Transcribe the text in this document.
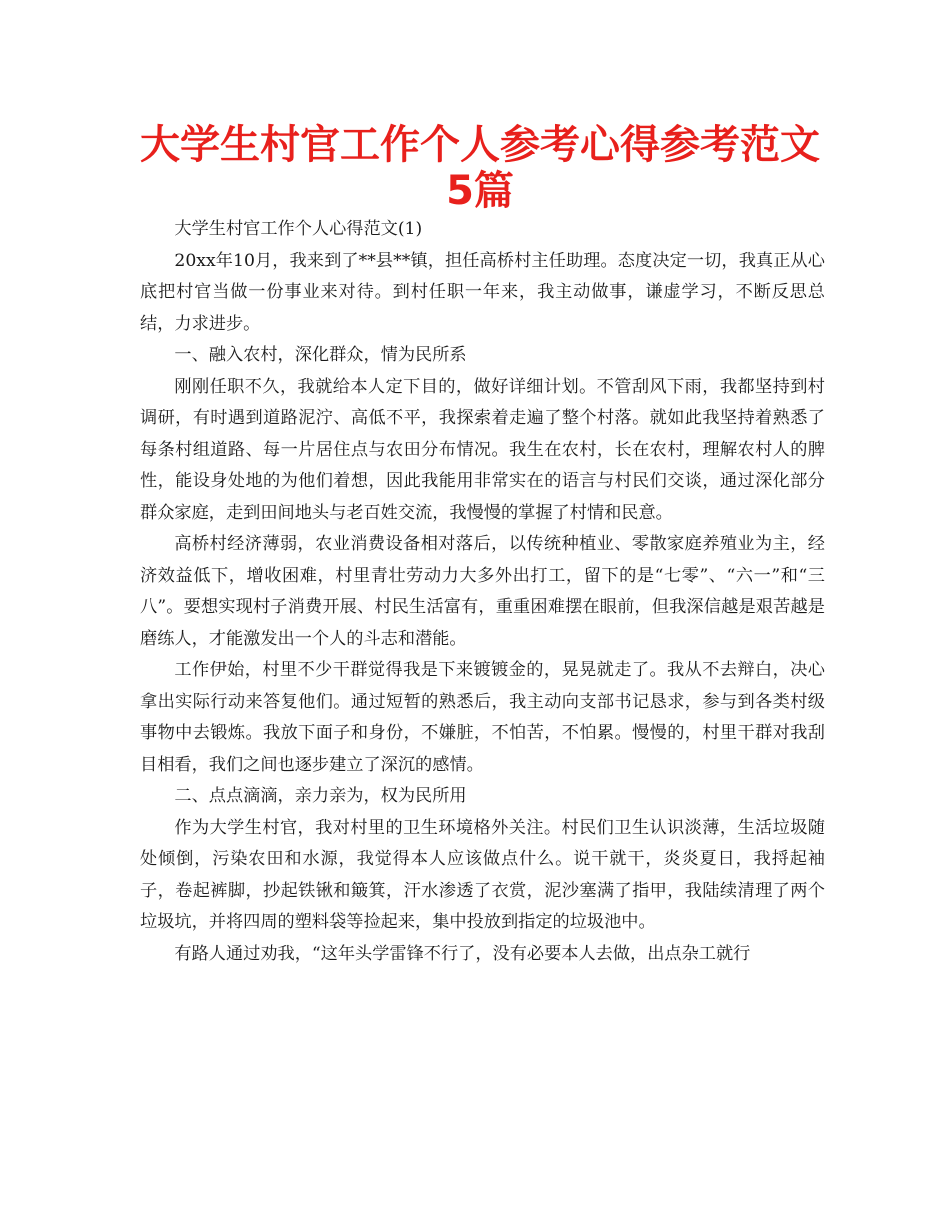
大学生村官工作个人参考心得参考范文5篇

大学生村官工作个人心得范文(1)

20xx年10月，我来到了**县**镇，担任高桥村主任助理。态度决定一切，我真正从心底把村官当做一份事业来对待。到村任职一年来，我主动做事，谦虚学习，不断反思总结，力求进步。

一、融入农村，深化群众，情为民所系

刚刚任职不久，我就给本人定下目的，做好详细计划。不管刮风下雨，我都坚持到村调研，有时遇到道路泥泞、高低不平，我探索着走遍了整个村落。就如此我坚持着熟悉了每条村组道路、每一片居住点与农田分布情况。我生在农村，长在农村，理解农村人的脾性，能设身处地的为他们着想，因此我能用非常实在的语言与村民们交谈，通过深化部分群众家庭，走到田间地头与老百姓交流，我慢慢的掌握了村情和民意。

高桥村经济薄弱，农业消费设备相对落后，以传统种植业、零散家庭养殖业为主，经济效益低下，增收困难，村里青壮劳动力大多外出打工，留下的是“七零”、“六一”和“三八”。要想实现村子消费开展、村民生活富有，重重困难摆在眼前，但我深信越是艰苦越是磨练人，才能激发出一个人的斗志和潜能。

工作伊始，村里不少干群觉得我是下来镀镀金的，晃晃就走了。我从不去辩白，决心拿出实际行动来答复他们。通过短暂的熟悉后，我主动向支部书记恳求，参与到各类村级事物中去锻炼。我放下面子和身份，不嫌脏，不怕苦，不怕累。慢慢的，村里干群对我刮目相看，我们之间也逐步建立了深沉的感情。

二、点点滴滴，亲力亲为，权为民所用

作为大学生村官，我对村里的卫生环境格外关注。村民们卫生认识淡薄，生活垃圾随处倾倒，污染农田和水源，我觉得本人应该做点什么。说干就干，炎炎夏日，我捋起袖子，卷起裤脚，抄起铁锹和簸箕，汗水渗透了衣赏，泥沙塞满了指甲，我陆续清理了两个垃圾坑，并将四周的塑料袋等捡起来，集中投放到指定的垃圾池中。

有路人通过劝我，“这年头学雷锋不行了，没有必要本人去做，出点杂工就行
